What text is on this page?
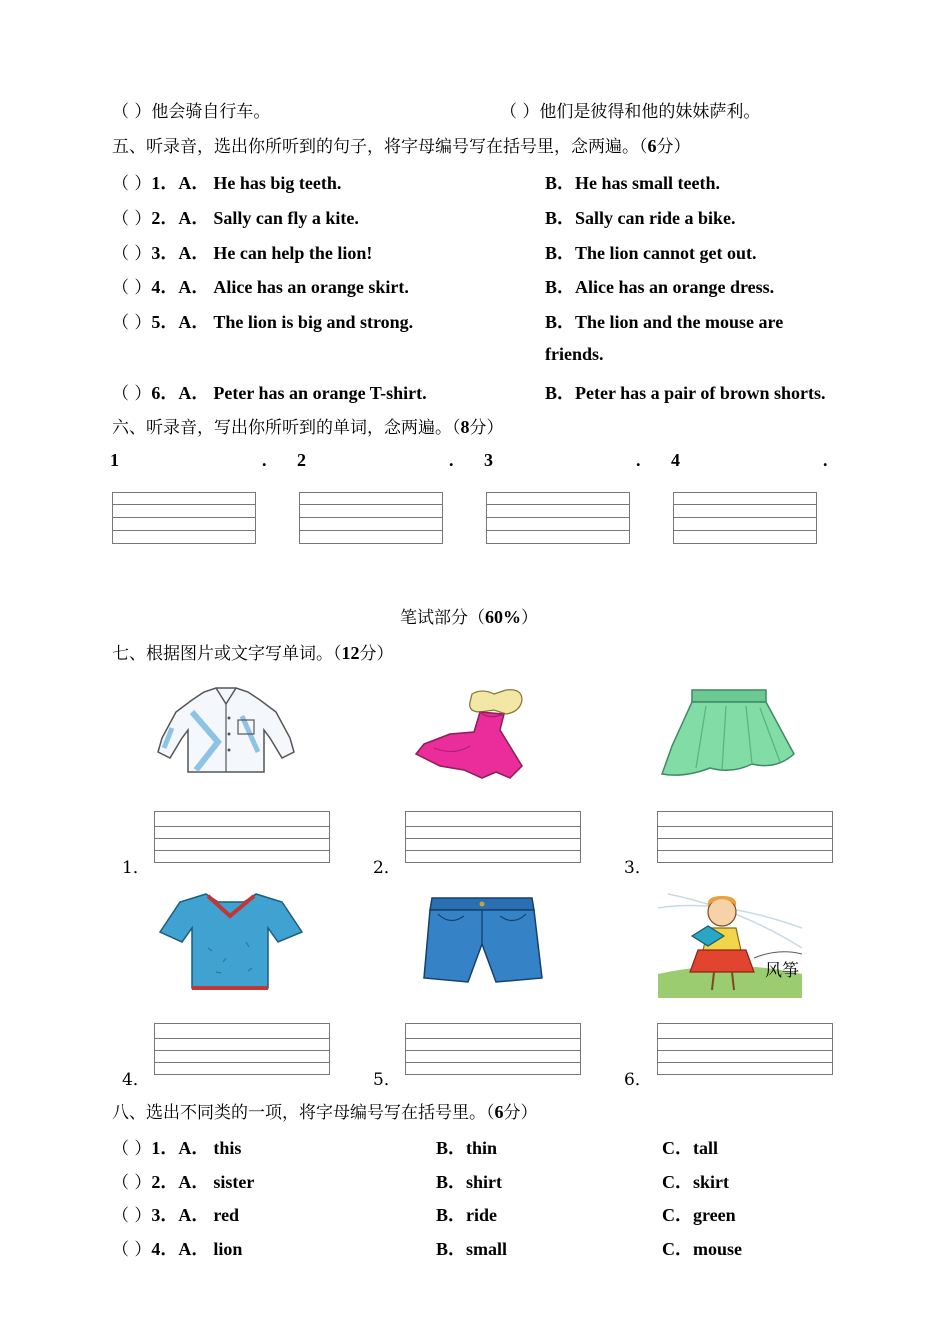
（ ）他会骑自行车。	（ ）他们是彼得和他的妹妹萨利。
五、听录音，选出你所听到的句子，将字母编号写在括号里，念两遍。（6分）
（ ）1．A． He has big teeth.	B．He has small teeth.
（ ）2．A． Sally can fly a kite.	B．Sally can ride a bike.
（ ）3．A． He can help the lion!	B．The lion cannot get out.
（ ）4．A． Alice has an orange skirt.	B．Alice has an orange dress.
（ ）5．A． The lion is big and strong.	B．The lion and the mouse are
friends.
（ ）6．A． Peter has an orange T-shirt.	B．Peter has a pair of brown shorts.
六、听录音，写出你所听到的单词，念两遍。（8分）
1	. 2	. 3	. 4	.
笔试部分（60%）
七、根据图片或文字写单词。（12分）
1．	2．	3．
风筝
4．	5．	6．
八、选出不同类的一项，将字母编号写在括号里。（6分）
（ ）1．A． this	B．thin	C．tall
（ ）2．A． sister	B．shirt	C．skirt
（ ）3．A． red	B．ride	C．green
（ ）4．A． lion	B．small	C．mouse
